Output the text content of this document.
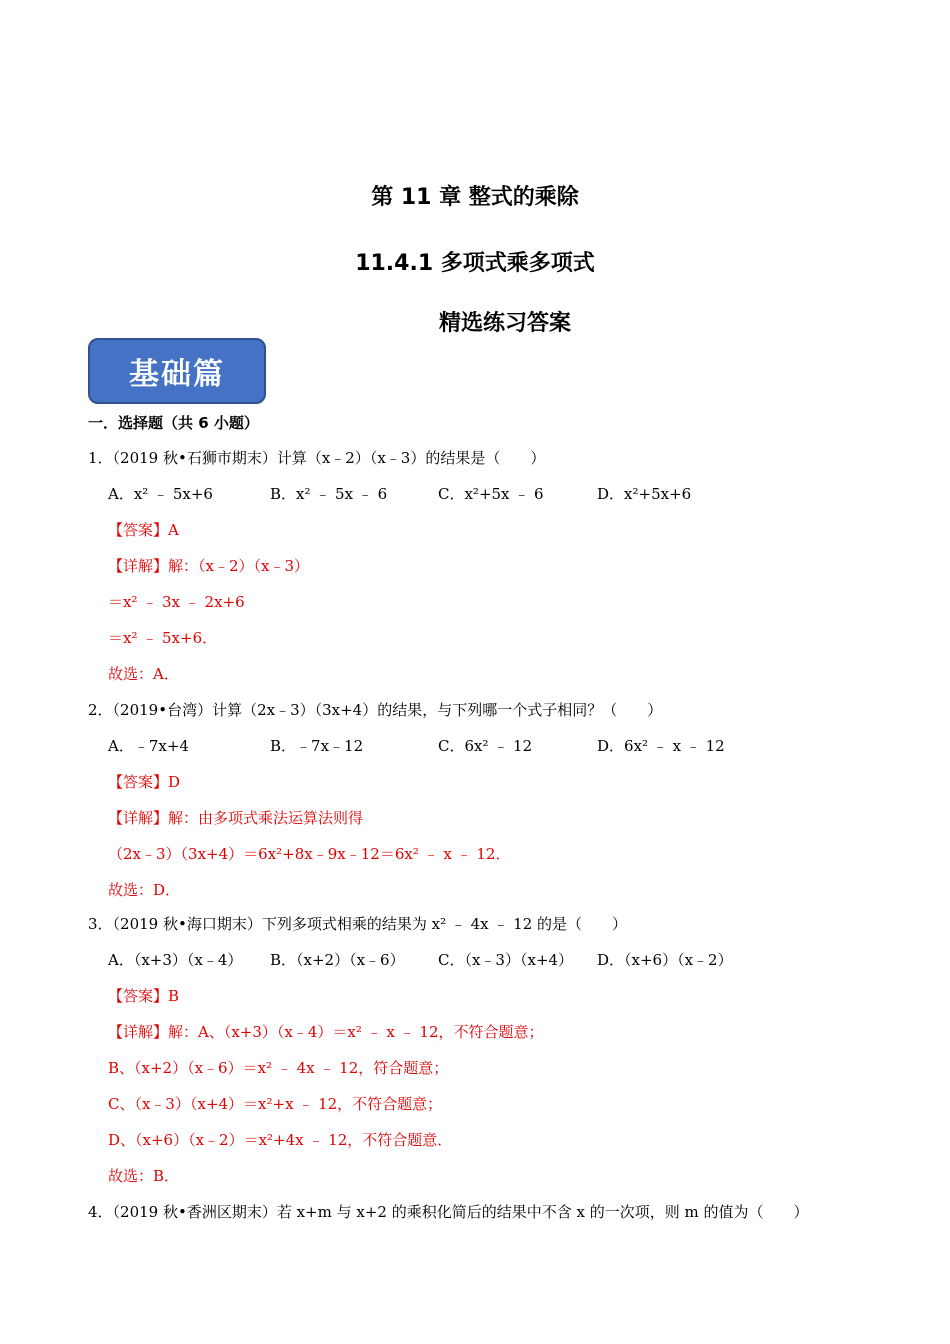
第 11 章 整式的乘除
11.4.1 多项式乘多项式
精选练习答案
基础篇
一．选择题（共 6 小题）
1．（2019 秋•石狮市期末）计算（x﹣2）（x﹣3）的结果是（　　）
A．x² ﹣ 5x+6	B．x² ﹣ 5x ﹣ 6	C．x²+5x ﹣ 6	D．x²+5x+6
【答案】A
【详解】解：（x﹣2）（x﹣3）
＝x² ﹣ 3x ﹣ 2x+6
＝x² ﹣ 5x+6．
故选：A．
2．（2019•台湾）计算（2x﹣3）（3x+4）的结果，与下列哪一个式子相同？（　　）
A．﹣7x+4	B．﹣7x﹣12	C．6x² ﹣ 12	D．6x² ﹣ x ﹣ 12
【答案】D
【详解】解：由多项式乘法运算法则得
（2x﹣3）（3x+4）＝6x²+8x﹣9x﹣12＝6x² ﹣ x ﹣ 12．
故选：D．
3．（2019 秋•海口期末）下列多项式相乘的结果为 x² ﹣ 4x ﹣ 12 的是（　　）
A．（x+3）（x﹣4） B．（x+2）（x﹣6） C．（x﹣3）（x+4） D．（x+6）（x﹣2）
【答案】B
【详解】解：A、（x+3）（x﹣4）＝x² ﹣ x ﹣ 12，不符合题意；
B、（x+2）（x﹣6）＝x² ﹣ 4x ﹣ 12，符合题意；
C、（x﹣3）（x+4）＝x²+x ﹣ 12，不符合题意；
D、（x+6）（x﹣2）＝x²+4x ﹣ 12，不符合题意．
故选：B．
4．（2019 秋•香洲区期末）若 x+m 与 x+2 的乘积化简后的结果中不含 x 的一次项，则 m 的值为（　　）
